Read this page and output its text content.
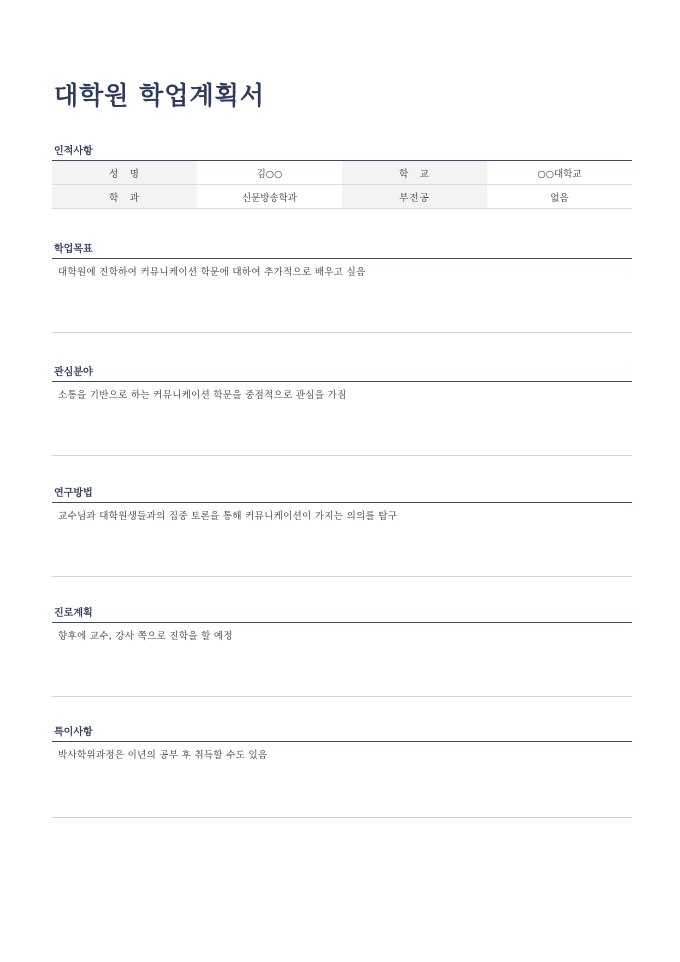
대학원 학업계획서
인적사항
성　명	김○○	학　교	○○대학교
학　과	신문방송학과	부전공	없음
학업목표
대학원에 진학하여 커뮤니케이션 학문에 대하여 추가적으로 배우고 싶음
관심분야
소통을 기반으로 하는 커뮤니케이션 학문을 중점적으로 관심을 가짐
연구방법
교수님과 대학원생들과의 집중 토론을 통해 커뮤니케이션이 가지는 의의를 탐구
진로계획
향후에 교수, 강사 쪽으로 진학을 할 예정
특이사항
박사학위과정은 이년의 공부 후 취득할 수도 있음
